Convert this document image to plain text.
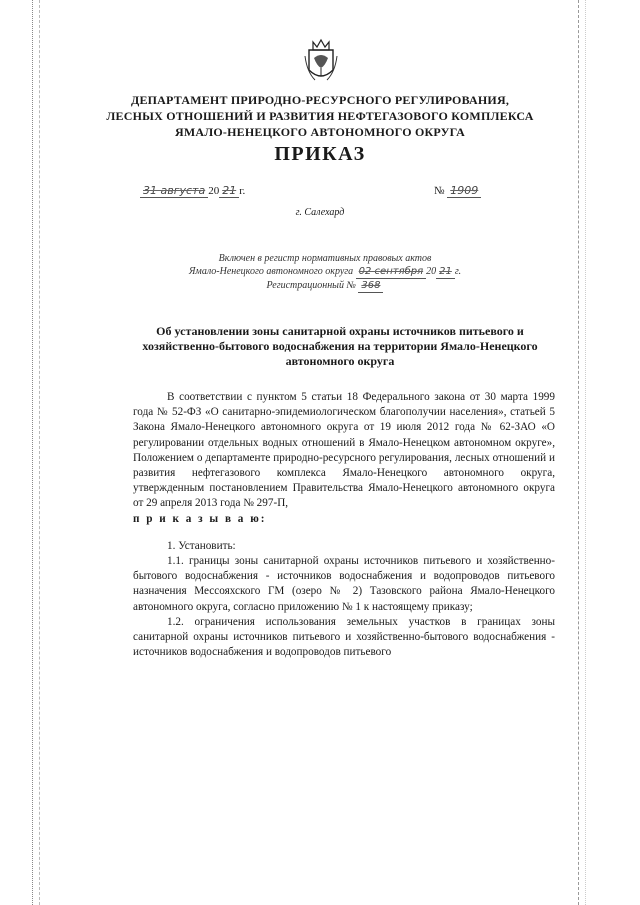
ДЕПАРТАМЕНТ ПРИРОДНО-РЕСУРСНОГО РЕГУЛИРОВАНИЯ,
ЛЕСНЫХ ОТНОШЕНИЙ И РАЗВИТИЯ НЕФТЕГАЗОВОГО КОМПЛЕКСА
ЯМАЛО-НЕНЕЦКОГО АВТОНОМНОГО ОКРУГА
ПРИКАЗ
31 августа 20 21 г.	№ 1909
г. Салехард
Включен в регистр нормативных правовых актов
Ямало-Ненецкого автономного округа 02 сентября 20 21 г.
Регистрационный № 368
Об установлении зоны санитарной охраны источников питьевого и
хозяйственно-бытового водоснабжения на территории Ямало-Ненецкого
автономного округа

В соответствии с пунктом 5 статьи 18 Федерального закона от 30 марта 1999 года № 52-ФЗ «О санитарно-эпидемиологическом благополучии населения», статьей 5 Закона Ямало-Ненецкого автономного округа от 19 июля 2012 года № 62-ЗАО «О регулировании отдельных водных отношений в Ямало-Ненецком автономном округе», Положением о департаменте природно-ресурсного регулирования, лесных отношений и развития нефтегазового комплекса Ямало-Ненецкого автономного округа, утвержденным постановлением Правительства Ямало-Ненецкого автономного округа от 29 апреля 2013 года № 297-П,

п р и к а з ы в а ю:

1. Установить:

1.1. границы зоны санитарной охраны источников питьевого и хозяйственно-бытового водоснабжения - источников водоснабжения и водопроводов питьевого назначения Мессояхского ГМ (озеро № 2) Тазовского района Ямало-Ненецкого автономного округа, согласно приложению № 1 к настоящему приказу;

1.2. ограничения использования земельных участков в границах зоны санитарной охраны источников питьевого и хозяйственно-бытового водоснабжения - источников водоснабжения и водопроводов питьевого
